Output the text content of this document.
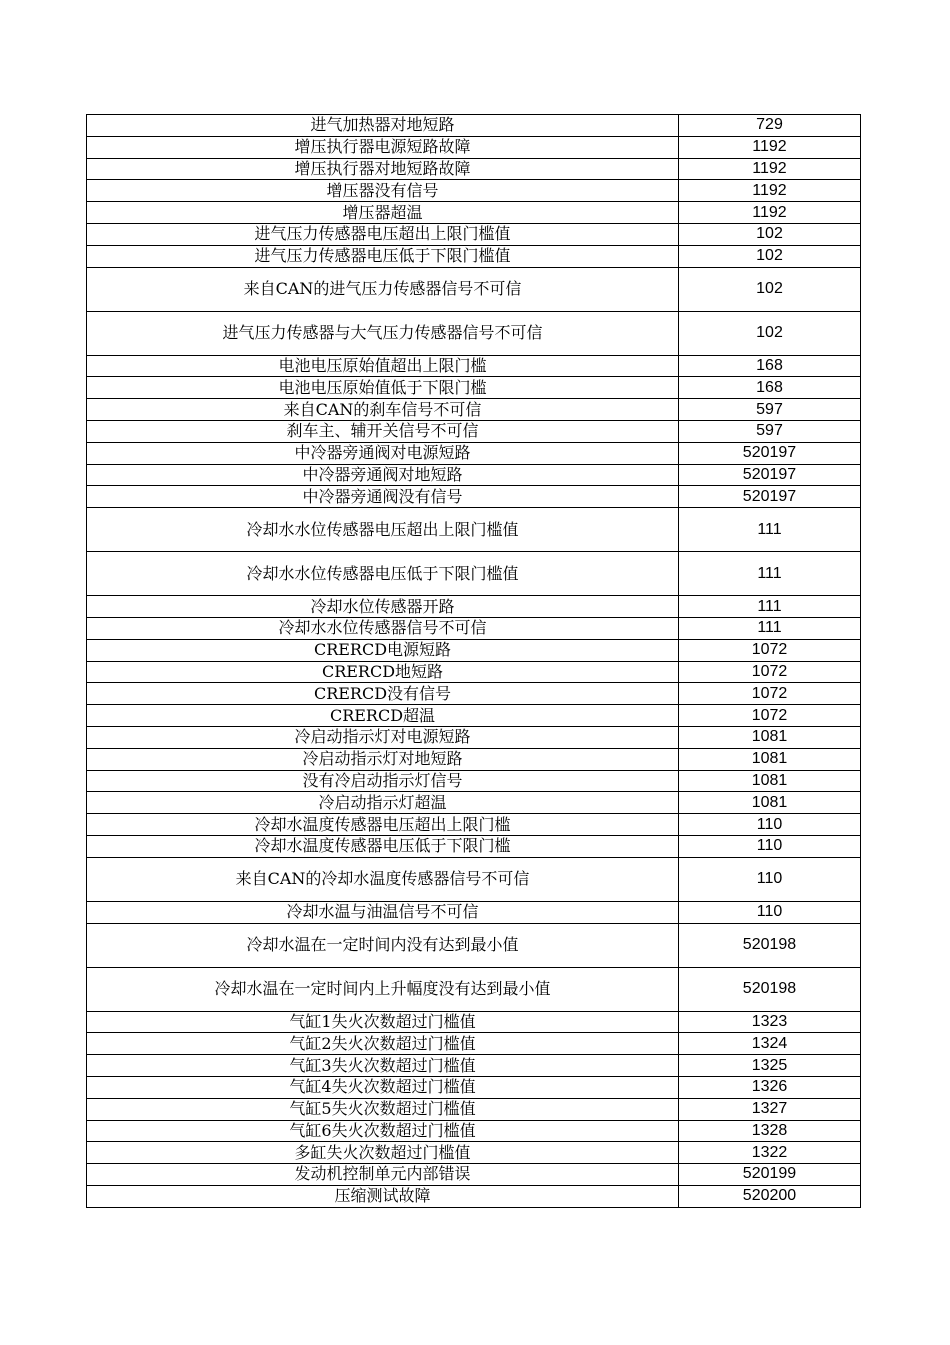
进气加热器对地短路	729
增压执行器电源短路故障	1192
增压执行器对地短路故障	1192
增压器没有信号	1192
增压器超温	1192
进气压力传感器电压超出上限门槛值	102
进气压力传感器电压低于下限门槛值	102
来自CAN的进气压力传感器信号不可信	102
进气压力传感器与大气压力传感器信号不可信	102
电池电压原始值超出上限门槛	168
电池电压原始值低于下限门槛	168
来自CAN的刹车信号不可信	597
刹车主、辅开关信号不可信	597
中冷器旁通阀对电源短路	520197
中冷器旁通阀对地短路	520197
中冷器旁通阀没有信号	520197
冷却水水位传感器电压超出上限门槛值	111
冷却水水位传感器电压低于下限门槛值	111
冷却水位传感器开路	111
冷却水水位传感器信号不可信	111
CRERCD电源短路	1072
CRERCD地短路	1072
CRERCD没有信号	1072
CRERCD超温	1072
冷启动指示灯对电源短路	1081
冷启动指示灯对地短路	1081
没有冷启动指示灯信号	1081
冷启动指示灯超温	1081
冷却水温度传感器电压超出上限门槛	110
冷却水温度传感器电压低于下限门槛	110
来自CAN的冷却水温度传感器信号不可信	110
冷却水温与油温信号不可信	110
冷却水温在一定时间内没有达到最小值	520198
冷却水温在一定时间内上升幅度没有达到最小值	520198
气缸1失火次数超过门槛值	1323
气缸2失火次数超过门槛值	1324
气缸3失火次数超过门槛值	1325
气缸4失火次数超过门槛值	1326
气缸5失火次数超过门槛值	1327
气缸6失火次数超过门槛值	1328
多缸失火次数超过门槛值	1322
发动机控制单元内部错误	520199
压缩测试故障	520200
